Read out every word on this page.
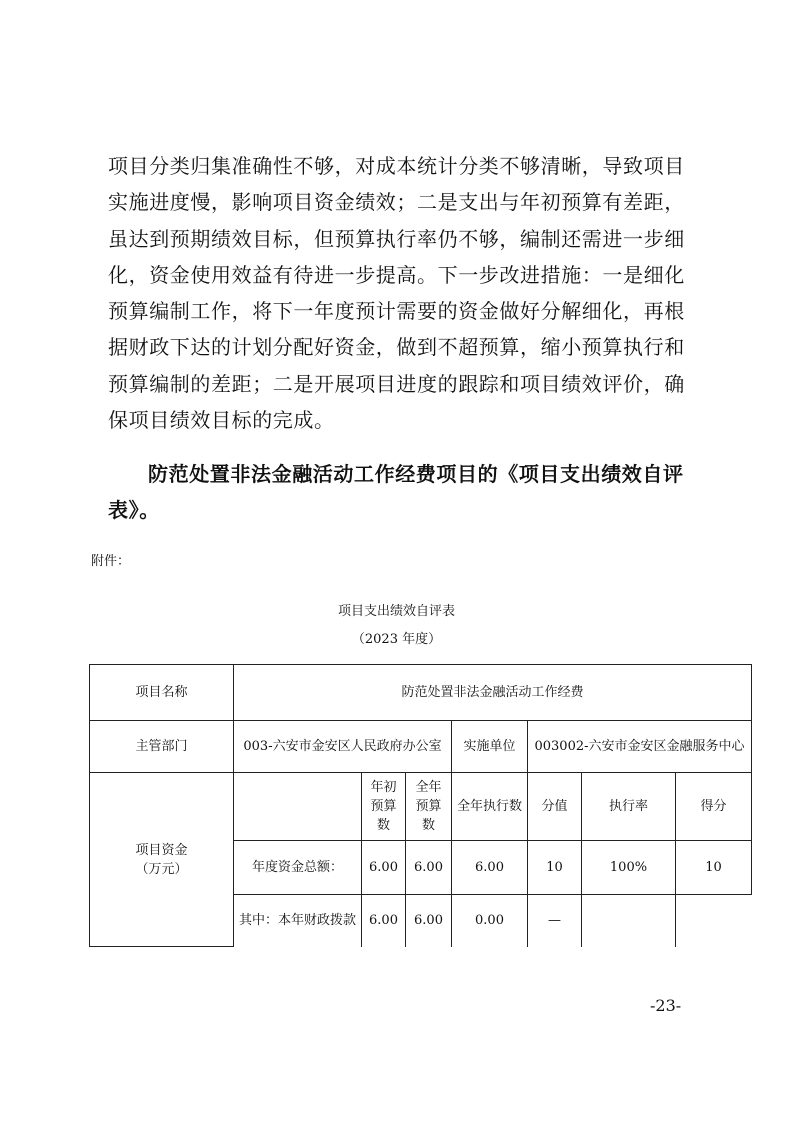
项目分类归集准确性不够，对成本统计分类不够清晰，导致项目
实施进度慢，影响项目资金绩效；二是支出与年初预算有差距，
虽达到预期绩效目标，但预算执行率仍不够，编制还需进一步细
化，资金使用效益有待进一步提高。下一步改进措施：一是细化
预算编制工作，将下一年度预计需要的资金做好分解细化，再根
据财政下达的计划分配好资金，做到不超预算，缩小预算执行和
预算编制的差距；二是开展项目进度的跟踪和项目绩效评价，确
保项目绩效目标的完成。
防范处置非法金融活动工作经费项目的《项目支出绩效自评
表》。
附件：
项目支出绩效自评表
（2023 年度）
项目名称	防范处置非法金融活动工作经费						
主管部门	003-六安市金安区人民政府办公室			实施单位	003002-六安市金安区金融服务中心		

项目资金
（万元）		年初预算数	全年预算数	全年执行数	分值	执行率	得分
	年度资金总额：	6.00	6.00	6.00	10	100%	10
	其中：本年财政拨款	6.00	6.00	0.00	—		
-23-
